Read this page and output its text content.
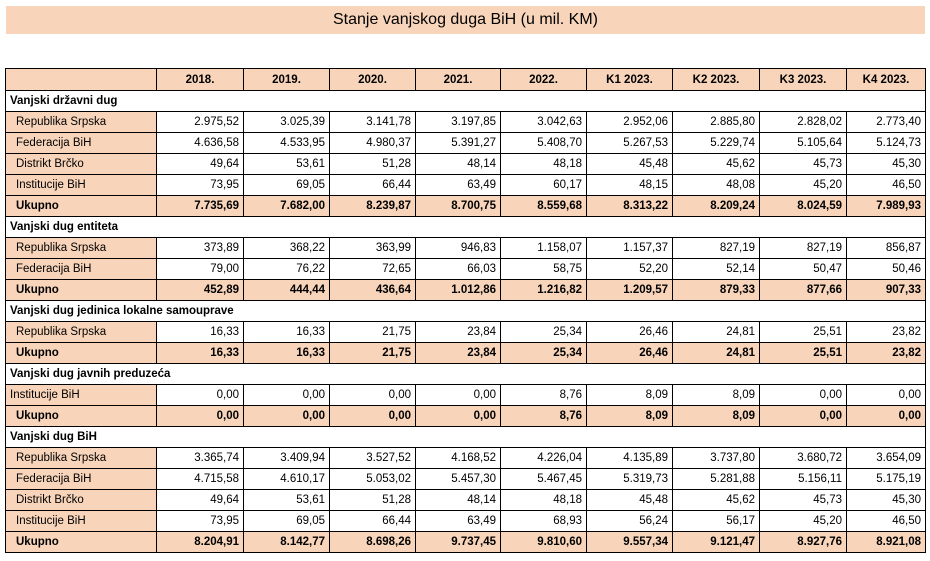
Stanje vanjskog duga BiH (u mil. KM)
	2018.	2019.	2020.	2021.	2022.	K1 2023.	K2 2023.	K3 2023.	K4 2023.
Vanjski državni dug									
Republika Srpska	2.975,52	3.025,39	3.141,78	3.197,85	3.042,63	2.952,06	2.885,80	2.828,02	2.773,40
Federacija BiH	4.636,58	4.533,95	4.980,37	5.391,27	5.408,70	5.267,53	5.229,74	5.105,64	5.124,73
Distrikt Brčko	49,64	53,61	51,28	48,14	48,18	45,48	45,62	45,73	45,30
Institucije BiH	73,95	69,05	66,44	63,49	60,17	48,15	48,08	45,20	46,50
Ukupno	7.735,69	7.682,00	8.239,87	8.700,75	8.559,68	8.313,22	8.209,24	8.024,59	7.989,93
Vanjski dug entiteta									
Republika Srpska	373,89	368,22	363,99	946,83	1.158,07	1.157,37	827,19	827,19	856,87
Federacija BiH	79,00	76,22	72,65	66,03	58,75	52,20	52,14	50,47	50,46
Ukupno	452,89	444,44	436,64	1.012,86	1.216,82	1.209,57	879,33	877,66	907,33
Vanjski dug jedinica lokalne samouprave									
Republika Srpska	16,33	16,33	21,75	23,84	25,34	26,46	24,81	25,51	23,82
Ukupno	16,33	16,33	21,75	23,84	25,34	26,46	24,81	25,51	23,82
Vanjski dug javnih preduzeća									
Institucije BiH	0,00	0,00	0,00	0,00	8,76	8,09	8,09	0,00	0,00
Ukupno	0,00	0,00	0,00	0,00	8,76	8,09	8,09	0,00	0,00
Vanjski dug BiH									
Republika Srpska	3.365,74	3.409,94	3.527,52	4.168,52	4.226,04	4.135,89	3.737,80	3.680,72	3.654,09
Federacija BiH	4.715,58	4.610,17	5.053,02	5.457,30	5.467,45	5.319,73	5.281,88	5.156,11	5.175,19
Distrikt Brčko	49,64	53,61	51,28	48,14	48,18	45,48	45,62	45,73	45,30
Institucije BiH	73,95	69,05	66,44	63,49	68,93	56,24	56,17	45,20	46,50
Ukupno	8.204,91	8.142,77	8.698,26	9.737,45	9.810,60	9.557,34	9.121,47	8.927,76	8.921,08
